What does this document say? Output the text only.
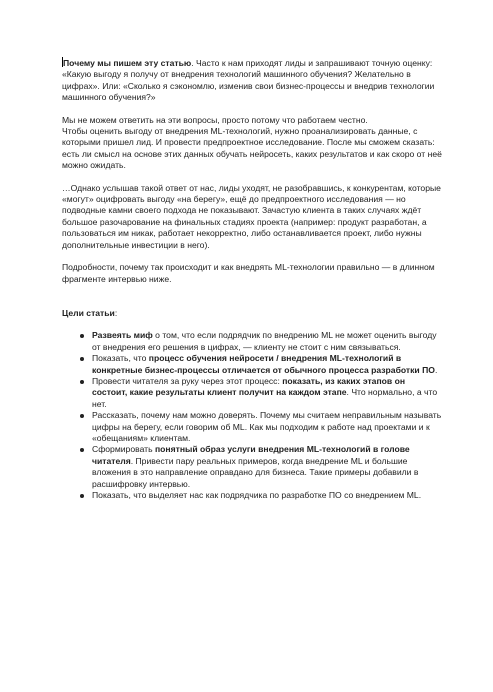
Почему мы пишем эту статью. Часто к нам приходят лиды и запрашивают точную оценку: «Какую выгоду я получу от внедрения технологий машинного обучения? Желательно в цифрах». Или: «Сколько я сэкономлю, изменив свои бизнес-процессы и внедрив технологии машинного обучения?»

Мы не можем ответить на эти вопросы, просто потому что работаем честно.
Чтобы оценить выгоду от внедрения ML-технологий, нужно проанализировать данные, с которыми пришел лид. И провести предпроектное исследование. После мы сможем сказать: есть ли смысл на основе этих данных обучать нейросеть, каких результатов и как скоро от неё можно ожидать.

…Однако услышав такой ответ от нас, лиды уходят, не разобравшись, к конкурентам, которые «могут» оцифровать выгоду «на берегу», ещё до предпроектного исследования — но подводные камни своего подхода не показывают. Зачастую клиента в таких случаях ждёт большое разочарование на финальных стадиях проекта (например: продукт разработан, а пользоваться им никак, работает некорректно, либо останавливается проект, либо нужны дополнительные инвестиции в него).

Подробности, почему так происходит и как внедрять ML-технологии правильно — в длинном фрагменте интервью ниже.

Цели статьи:

Развеять миф о том, что если подрядчик по внедрению ML не может оценить выгоду от внедрения его решения в цифрах, — клиенту не стоит с ним связываться.
Показать, что процесс обучения нейросети / внедрения ML-технологий в конкретные бизнес-процессы отличается от обычного процесса разработки ПО.
Провести читателя за руку через этот процесс: показать, из каких этапов он состоит, какие результаты клиент получит на каждом этапе. Что нормально, а что нет.
Рассказать, почему нам можно доверять. Почему мы считаем неправильным называть цифры на берегу, если говорим об ML. Как мы подходим к работе над проектами и к «обещаниям» клиентам.
Сформировать понятный образ услуги внедрения ML-технологий в голове читателя. Привести пару реальных примеров, когда внедрение ML и большие вложения в это направление оправдано для бизнеса. Такие примеры добавили в расшифровку интервью.
Показать, что выделяет нас как подрядчика по разработке ПО со внедрением ML.
